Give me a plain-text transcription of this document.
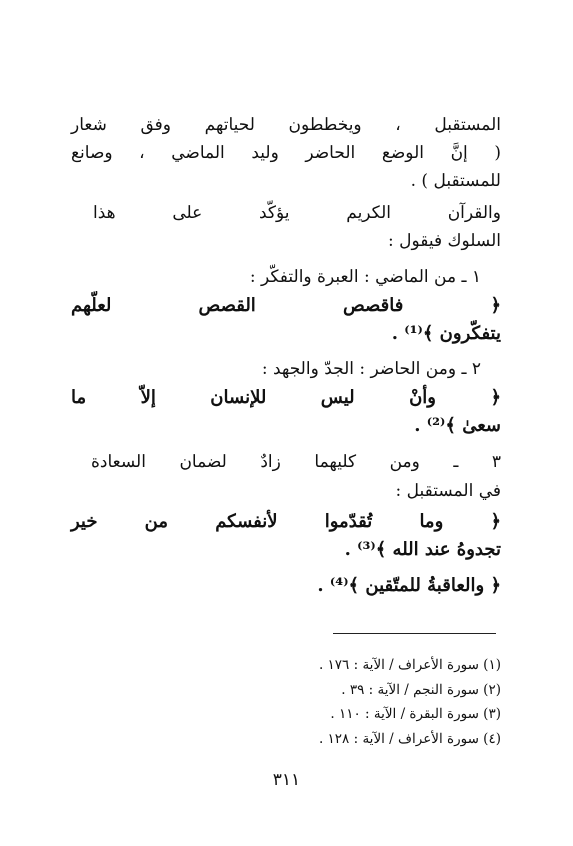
المستقبل ، ويخططون لحياتهم وفق شعار
( إنَّ الوضع الحاضر وليد الماضي ، وصانع
للمستقبل ) .
والقرآن الكريم يؤكّد على هذا
السلوك فيقول :
١ ـ من الماضي : العبرة والتفكّر :
﴿ فاقصص القصص لعلّهم
يتفكّرون ﴾⁽¹⁾ .
٢ ـ ومن الحاضر : الجدّ والجهد :
﴿ وأنْ ليس للإنسان إلاّ ما
سعىٰ ﴾⁽²⁾ .
٣ ـ ومن كليهما زادٌ لضمان السعادة
في المستقبل :
﴿ وما تُقدّموا لأنفسكم من خير
تجدوهُ عند الله ﴾⁽³⁾ .
﴿ والعاقبةُ للمتّقين ﴾⁽⁴⁾ .
(١) سورة الأعراف / الآية : ١٧٦ .
(٢) سورة النجم / الآية : ٣٩ .
(٣) سورة البقرة / الآية : ١١٠ .
(٤) سورة الأعراف / الآية : ١٢٨ .
٣١١
